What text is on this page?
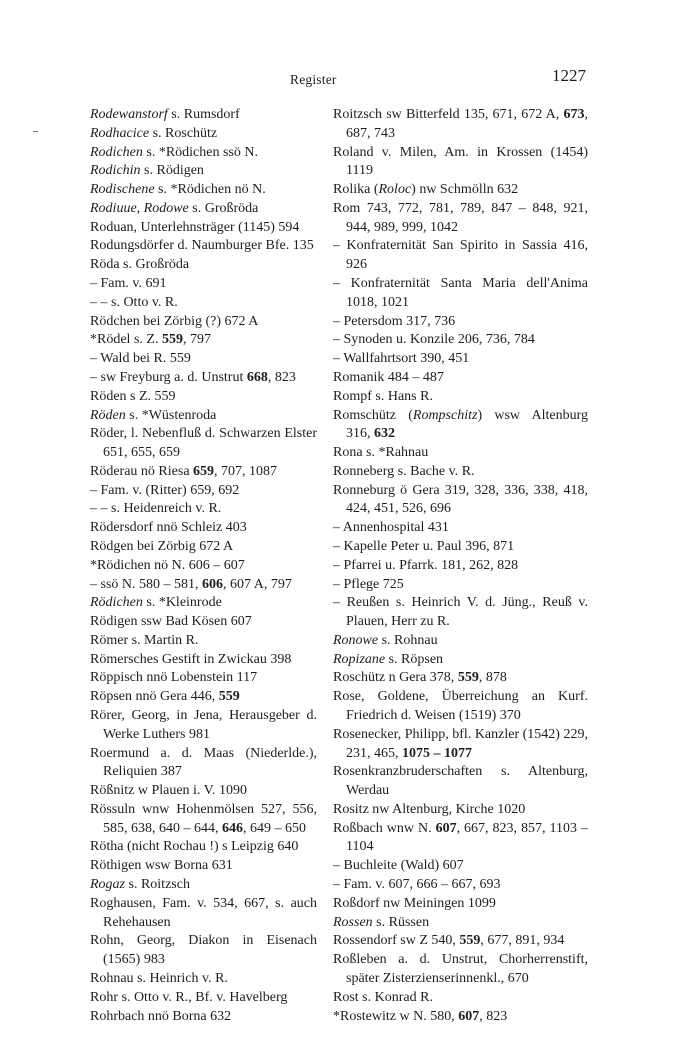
Register	1227
Rodewanstorf s. Rumsdorf
Rodhacice s. Roschütz
Rodichen s. *Rödichen ssö N.
Rodichin s. Rödigen
Rodischene s. *Rödichen nö N.
Rodiuue, Rodowe s. Großröda
Roduan, Unterlehnsträger (1145) 594
Rodungsdörfer d. Naumburger Bfe. 135
Röda s. Großröda
– Fam. v. 691
– – s. Otto v. R.
Rödchen bei Zörbig (?) 672 A
*Rödel s. Z. 559, 797
– Wald bei R. 559
– sw Freyburg a. d. Unstrut 668, 823
Röden s Z. 559
Röden s. *Wüstenroda
Röder, l. Nebenfluß d. Schwarzen Elster 651, 655, 659
Röderau nö Riesa 659, 707, 1087
– Fam. v. (Ritter) 659, 692
– – s. Heidenreich v. R.
Rödersdorf nnö Schleiz 403
Rödgen bei Zörbig 672 A
*Rödichen nö N. 606 – 607
– ssö N. 580 – 581, 606, 607 A, 797
Rödichen s. *Kleinrode
Rödigen ssw Bad Kösen 607
Römer s. Martin R.
Römersches Gestift in Zwickau 398
Röppisch nnö Lobenstein 117
Röpsen nnö Gera 446, 559
Rörer, Georg, in Jena, Herausgeber d. Werke Luthers 981
Roermund a. d. Maas (Niederlde.), Reliquien 387
Rößnitz w Plauen i. V. 1090
Rössuln wnw Hohenmölsen 527, 556, 585, 638, 640 – 644, 646, 649 – 650
Rötha (nicht Rochau !) s Leipzig 640
Röthigen wsw Borna 631
Rogaz s. Roitzsch
Roghausen, Fam. v. 534, 667, s. auch Rehehausen
Rohn, Georg, Diakon in Eisenach (1565) 983
Rohnau s. Heinrich v. R.
Rohr s. Otto v. R., Bf. v. Havelberg
Rohrbach nnö Borna 632
Roitzsch sw Bitterfeld 135, 671, 672 A, 673, 687, 743
Roland v. Milen, Am. in Krossen (1454) 1119
Rolika (Roloc) nw Schmölln 632
Rom 743, 772, 781, 789, 847 – 848, 921, 944, 989, 999, 1042
– Konfraternität San Spirito in Sassia 416, 926
– Konfraternität Santa Maria dell'Anima 1018, 1021
– Petersdom 317, 736
– Synoden u. Konzile 206, 736, 784
– Wallfahrtsort 390, 451
Romanik 484 – 487
Rompf s. Hans R.
Romschütz (Rompschitz) wsw Altenburg 316, 632
Rona s. *Rahnau
Ronneberg s. Bache v. R.
Ronneburg ö Gera 319, 328, 336, 338, 418, 424, 451, 526, 696
– Annenhospital 431
– Kapelle Peter u. Paul 396, 871
– Pfarrei u. Pfarrk. 181, 262, 828
– Pflege 725
– Reußen s. Heinrich V. d. Jüng., Reuß v. Plauen, Herr zu R.
Ronowe s. Rohnau
Ropizane s. Röpsen
Roschütz n Gera 378, 559, 878
Rose, Goldene, Überreichung an Kurf. Friedrich d. Weisen (1519) 370
Rosenecker, Philipp, bfl. Kanzler (1542) 229, 231, 465, 1075 – 1077
Rosenkranzbruderschaften s. Altenburg, Werdau
Rositz nw Altenburg, Kirche 1020
Roßbach wnw N. 607, 667, 823, 857, 1103 – 1104
– Buchleite (Wald) 607
– Fam. v. 607, 666 – 667, 693
Roßdorf nw Meiningen 1099
Rossen s. Rüssen
Rossendorf sw Z 540, 559, 677, 891, 934
Roßleben a. d. Unstrut, Chorherrenstift, später Zisterzienserinnenkl., 670
Rost s. Konrad R.
*Rostewitz w N. 580, 607, 823
